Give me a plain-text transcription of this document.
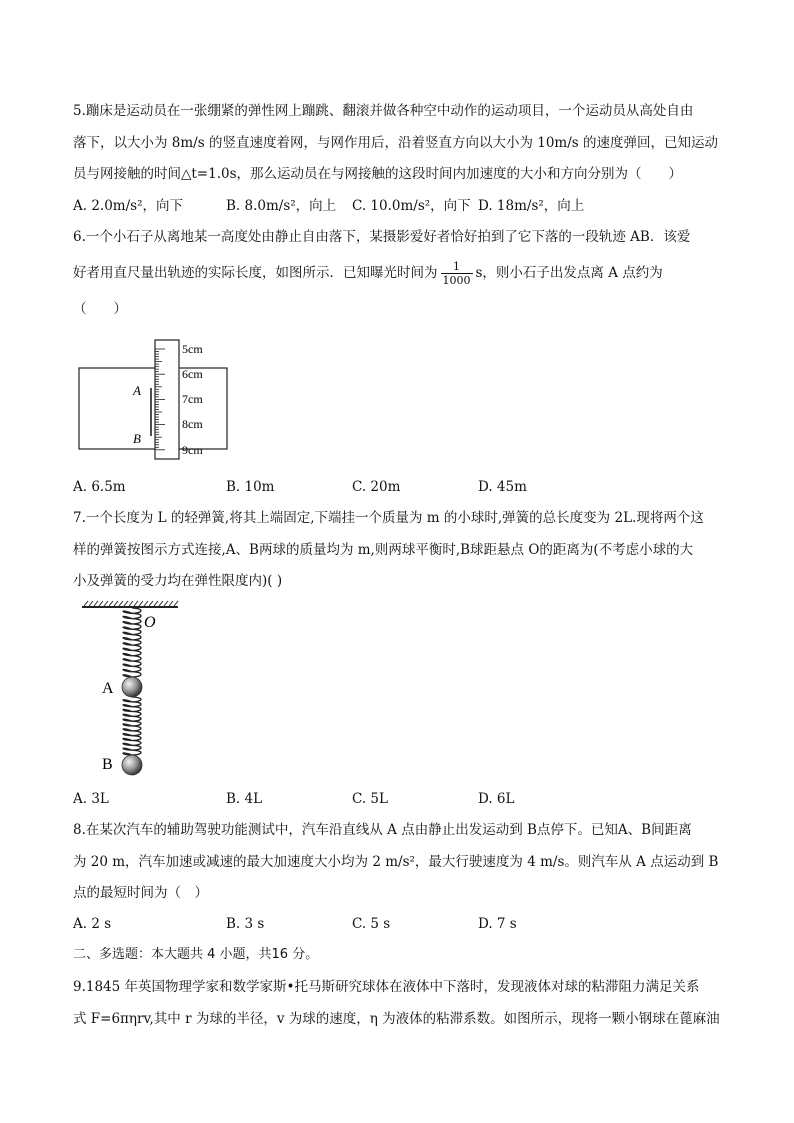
5.蹦床是运动员在一张绷紧的弹性网上蹦跳、翻滚并做各种空中动作的运动项目，一个运动员从高处自由
落下，以大小为 8m/s 的竖直速度着网，与网作用后，沿着竖直方向以大小为 10m/s 的速度弹回，已知运动
员与网接触的时间△t=1.0s，那么运动员在与网接触的这段时间内加速度的大小和方向分别为（　　）
A. 2.0m/s²，向下	B. 8.0m/s²，向上 C. 10.0m/s²，向下 D. 18m/s²，向上
6.一个小石子从离地某一高度处由静止自由落下，某摄影爱好者恰好拍到了它下落的一段轨迹 AB．该爱
好者用直尺量出轨迹的实际长度，如图所示．已知曝光时间为 $\frac{1}{1000}$ s，则小石子出发点离 A 点约为
（　　）
5cm
6cm
7cm
8cm
9cm
A
B
A. 6.5m	B. 10m	C. 20m	D. 45m
7.一个长度为 L 的轻弹簧,将其上端固定,下端挂一个质量为 m 的小球时,弹簧的总长度变为 2L.现将两个这
样的弹簧按图示方式连接,A、B两球的质量均为 m,则两球平衡时,B球距悬点 O的距离为(不考虑小球的大
小及弹簧的受力均在弹性限度内)( )
O
A
B
A. 3L	B. 4L	C. 5L	D. 6L
8.在某次汽车的辅助驾驶功能测试中，汽车沿直线从 A 点由静止出发运动到 B点停下。已知A、B间距离
为 20 m，汽车加速或减速的最大加速度大小均为 2 m/s²，最大行驶速度为 4 m/s。则汽车从 A 点运动到 B
点的最短时间为（　）
A. 2 s	B. 3 s	C. 5 s	D. 7 s
二、多选题：本大题共 4 小题，共16 分。
9.1845 年英国物理学家和数学家斯•托马斯研究球体在液体中下落时，发现液体对球的粘滞阻力满足关系
式 F=6πηrv,其中 r 为球的半径，v 为球的速度，η 为液体的粘滞系数。如图所示，现将一颗小钢球在蓖麻油
